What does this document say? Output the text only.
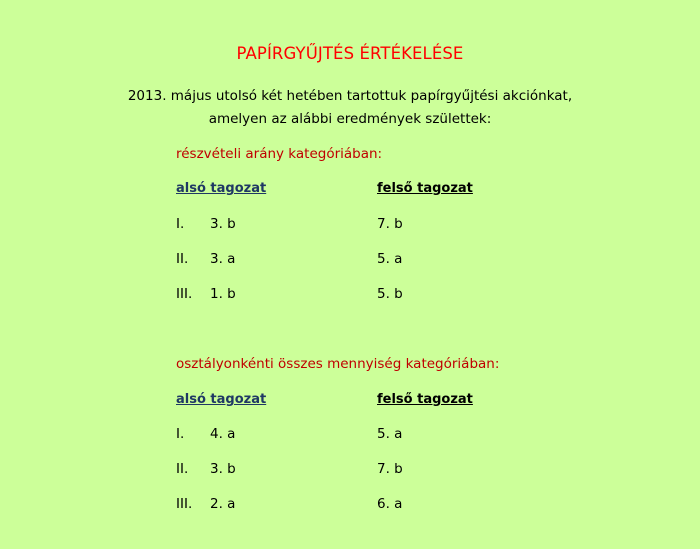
PAPÍRGYŰJTÉS ÉRTÉKELÉSE
2013. május utolsó két hetében tartottuk papírgyűjtési akciónkat,
amelyen az alábbi eredmények születtek:
részvételi arány kategóriában:
alsó tagozat	felső tagozat
I. 3. b	7. b
II. 3. a	5. a
III. 1. b	5. b
osztályonkénti összes mennyiség kategóriában:
alsó tagozat	felső tagozat
I. 4. a	5. a
II. 3. b	7. b
III. 2. a	6. a
